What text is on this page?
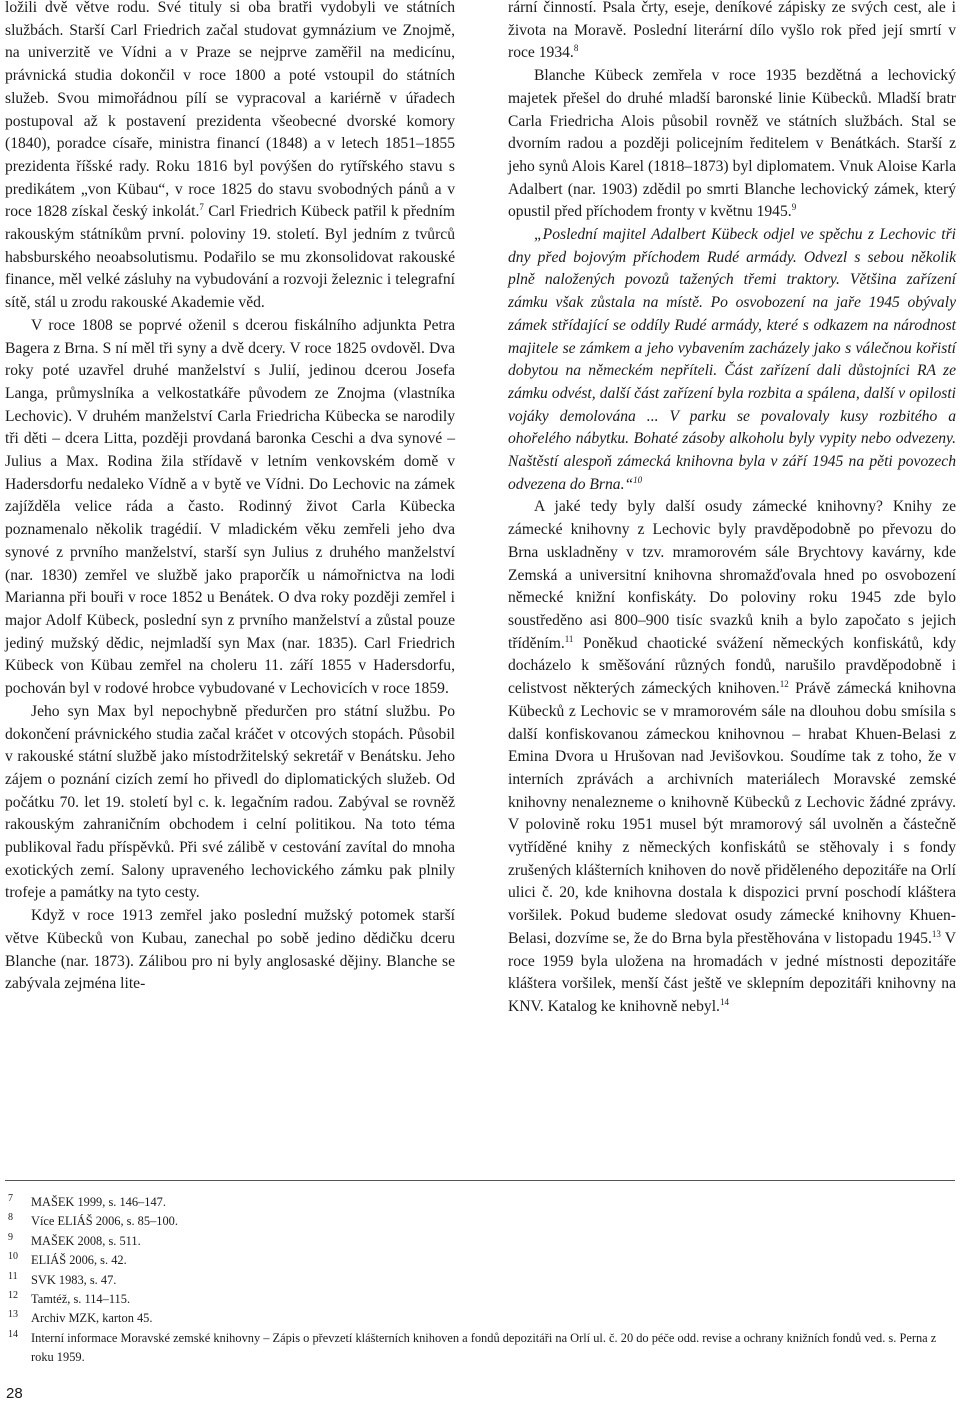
ložili dvě větve rodu. Své tituly si oba bratři vydobyli ve státních službách. Starší Carl Friedrich začal studovat gymnázium ve Znojmě, na univerzitě ve Vídni a v Praze se nejprve zaměřil na medicínu, právnická studia dokončil v roce 1800 a poté vstoupil do státních služeb. Svou mimořádnou pílí se vypracoval a kariérně v úřadech postupoval až k postavení prezidenta všeobecné dvorské komory (1840), poradce císaře, ministra financí (1848) a v letech 1851–1855 prezidenta říšské rady. Roku 1816 byl povýšen do rytířského stavu s predikátem „von Kübau“, v roce 1825 do stavu svobodných pánů a v roce 1828 získal český inkolát.$^7$ Carl Friedrich Kübeck patřil k předním rakouským státníkům první. poloviny 19. století. Byl jedním z tvůrců habsburského neoabsolutismu. Podařilo se mu zkonsolidovat rakouské finance, měl velké zásluhy na vybudování a rozvoji železnic i telegrafní sítě, stál u zrodu rakouské Akademie věd.

V roce 1808 se poprvé oženil s dcerou fiskálního adjunkta Petra Bagera z Brna. S ní měl tři syny a dvě dcery. V roce 1825 ovdověl. Dva roky poté uzavřel druhé manželství s Julií, jedinou dcerou Josefa Langa, průmyslníka a velkostatkáře původem ze Znojma (vlastníka Lechovic). V druhém manželství Carla Friedricha Kübecka se narodily tři děti – dcera Litta, později provdaná baronka Ceschi a dva synové – Julius a Max. Rodina žila střídavě v letním venkovském domě v Hadersdorfu nedaleko Vídně a v bytě ve Vídni. Do Lechovic na zámek zajížděla velice ráda a často. Rodinný život Carla Kübecka poznamenalo několik tragédií. V mladickém věku zemřeli jeho dva synové z prvního manželství, starší syn Julius z druhého manželství (nar. 1830) zemřel ve službě jako praporčík u námořnictva na lodi Marianna při bouři v roce 1852 u Benátek. O dva roky později zemřel i major Adolf Kübeck, poslední syn z prvního manželství a zůstal pouze jediný mužský dědic, nejmladší syn Max (nar. 1835). Carl Friedrich Kübeck von Kübau zemřel na choleru 11. září 1855 v Hadersdorfu, pochován byl v rodové hrobce vybudované v Lechovicích v roce 1859.

Jeho syn Max byl nepochybně předurčen pro státní službu. Po dokončení právnického studia začal kráčet v otcových stopách. Působil v rakouské státní službě jako místodržitelský sekretář v Benátsku. Jeho zájem o poznání cizích zemí ho přivedl do diplomatických služeb. Od počátku 70. let 19. století byl c. k. legačním radou. Zabýval se rovněž rakouským zahraničním obchodem i celní politikou. Na toto téma publikoval řadu příspěvků. Při své zálibě v cestování zavítal do mnoha exotických zemí. Salony upraveného lechovického zámku pak plnily trofeje a památky na tyto cesty.

Když v roce 1913 zemřel jako poslední mužský potomek starší větve Kübecků von Kubau, zanechal po sobě jedino dědičku dceru Blanche (nar. 1873). Zálibou pro ni byly anglosaské dějiny. Blanche se zabývala zejména lite-

rární činností. Psala črty, eseje, deníkové zápisky ze svých cest, ale i života na Moravě. Poslední literární dílo vyšlo rok před její smrtí v roce 1934.$^8$

Blanche Kübeck zemřela v roce 1935 bezdětná a lechovický majetek přešel do druhé mladší baronské linie Kübecků. Mladší bratr Carla Friedricha Alois působil rovněž ve státních službách. Stal se dvorním radou a později policejním ředitelem v Benátkách. Starší z jeho synů Alois Karel (1818–1873) byl diplomatem. Vnuk Aloise Karla Adalbert (nar. 1903) zdědil po smrti Blanche lechovický zámek, který opustil před příchodem fronty v květnu 1945.$^9$

„Poslední majitel Adalbert Kübeck odjel ve spěchu z Lechovic tři dny před bojovým příchodem Rudé armády. Odvezl s sebou několik plně naložených povozů tažených třemi traktory. Většina zařízení zámku však zůstala na místě. Po osvobození na jaře 1945 obývaly zámek střídající se oddíly Rudé armády, které s odkazem na národnost majitele se zámkem a jeho vybavením zacházely jako s válečnou kořistí dobytou na německém nepříteli. Část zařízení dali důstojníci RA ze zámku odvést, další část zařízení byla rozbita a spálena, další v opilosti vojáky demolována ... V parku se povalovaly kusy rozbitého a ohořelého nábytku. Bohaté zásoby alkoholu byly vypity nebo odvezeny. Naštěstí alespoň zámecká knihovna byla v září 1945 na pěti povozech odvezena do Brna.“$^{10}$

A jaké tedy byly další osudy zámecké knihovny? Knihy ze zámecké knihovny z Lechovic byly pravděpodobně po převozu do Brna uskladněny v tzv. mramorovém sále Brychtovy kavárny, kde Zemská a universitní knihovna shromažďovala hned po osvobození německé knižní konfiskáty. Do poloviny roku 1945 zde bylo soustředěno asi 800–900 tisíc svazků knih a bylo započato s jejich tříděním.$^{11}$ Poněkud chaotické svážení německých konfiskátů, kdy docházelo k směšování různých fondů, narušilo pravděpodobně i celistvost některých zámeckých knihoven.$^{12}$ Právě zámecká knihovna Kübecků z Lechovic se v mramorovém sále na dlouhou dobu smísila s další konfiskovanou zámeckou knihovnou – hrabat Khuen-Belasi z Emina Dvora u Hrušovan nad Jevišovkou. Soudíme tak z toho, že v interních zprávách a archivních materiálech Moravské zemské knihovny nenalezneme o knihovně Kübecků z Lechovic žádné zprávy. V polovině roku 1951 musel být mramorový sál uvolněn a částečně vytříděné knihy z německých konfiskátů se stěhovaly i s fondy zrušených klášterních knihoven do nově přiděleného depozitáře na Orlí ulici č. 20, kde knihovna dostala k dispozici první poschodí kláštera voršilek. Pokud budeme sledovat osudy zámecké knihovny Khuen-Belasi, dozvíme se, že do Brna byla přestěhována v listopadu 1945.13 V roce 1959 byla uložena na hromadách v jedné místnosti depozitáře kláštera voršilek, menší část ještě ve sklepním depozitáři knihovny na KNV. Katalog ke knihovně nebyl.$^{14}$

7 MAŠEK 1999, s. 146–147.
8 Více ELIÁŠ 2006, s. 85–100.
9 MAŠEK 2008, s. 511.
10 ELIÁŠ 2006, s. 42.
11 SVK 1983, s. 47.
12 Tamtéž, s. 114–115.
13 Archiv MZK, karton 45.
14 Interní informace Moravské zemské knihovny – Zápis o převzetí klášterních knihoven a fondů depozitáři na Orlí ul. č. 20 do péče odd. revise a ochrany knižních fondů ved. s. Perna z roku 1959.
28
